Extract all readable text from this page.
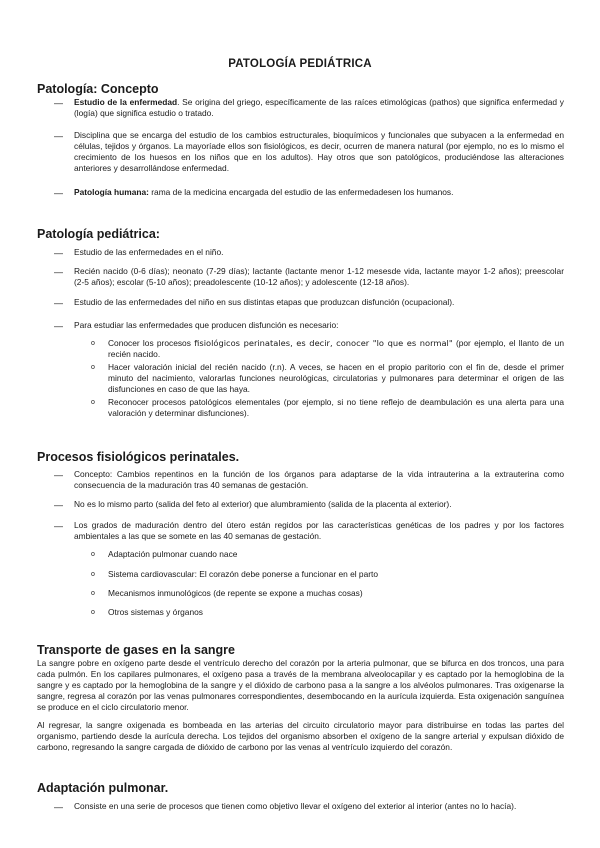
PATOLOGÍA PEDIÁTRICA
Patología: Concepto
—	Estudio de la enfermedad. Se origina del griego, específicamente de las raíces etimológicas (pathos) que significa enfermedad y (logía) que significa estudio o tratado.
—	Disciplina que se encarga del estudio de los cambios estructurales, bioquímicos y funcionales que subyacen a la enfermedad en células, tejidos y órganos. La mayoríade ellos son fisiológicos, es decir, ocurren de manera natural (por ejemplo, no es lo mismo el crecimiento de los huesos en los niños que en los adultos). Hay otros que son patológicos, produciéndose las alteraciones anteriores y desarrollándose enfermedad.
—	Patología humana: rama de la medicina encargada del estudio de las enfermedadesen los humanos.
Patología pediátrica:
—	Estudio de las enfermedades en el niño.
—	Recién nacido (0-6 días); neonato (7-29 días); lactante (lactante menor 1-12 mesesde vida, lactante mayor 1-2 años); preescolar (2-5 años); escolar (5-10 años); preadolescente (10-12 años); y adolescente (12-18 años).
—	Estudio de las enfermedades del niño en sus distintas etapas que produzcan disfunción (ocupacional).
—	Para estudiar las enfermedades que producen disfunción es necesario:
o Conocer los procesos fisiológicos perinatales, es decir, conocer "lo que es normal" (por ejemplo, el llanto de un recién nacido.
o Hacer valoración inicial del recién nacido (r.n). A veces, se hacen en el propio paritorio con el fin de, desde el primer minuto del nacimiento, valorarlas funciones neurológicas, circulatorias y pulmonares para determinar el origen de las disfunciones en caso de que las haya.
o Reconocer procesos patológicos elementales (por ejemplo, si no tiene reflejo de deambulación es una alerta para una valoración y determinar disfunciones).
Procesos fisiológicos perinatales.
—	Concepto: Cambios repentinos en la función de los órganos para adaptarse de la vida intrauterina a la extrauterina como consecuencia de la maduración tras 40 semanas de gestación.
—	No es lo mismo parto (salida del feto al exterior) que alumbramiento (salida de la placenta al exterior).
—	Los grados de maduración dentro del útero están regidos por las características genéticas de los padres y por los factores ambientales a las que se somete en las 40 semanas de gestación.
o Adaptación pulmonar cuando nace
o Sistema cardiovascular: El corazón debe ponerse a funcionar en el parto
o Mecanismos inmunológicos (de repente se expone a muchas cosas)
o Otros sistemas y órganos
Transporte de gases en la sangre

La sangre pobre en oxígeno parte desde el ventrículo derecho del corazón por la arteria pulmonar, que se bifurca en dos troncos, una para cada pulmón. En los capilares pulmonares, el oxígeno pasa a través de la membrana alveolocapilar y es captado por la hemoglobina de la sangre y es captado por la hemoglobina de la sangre y el dióxido de carbono pasa a la sangre a los alvéolos pulmonares. Tras oxigenarse la sangre, regresa al corazón por las venas pulmonares correspondientes, desembocando en la aurícula izquierda. Esta oxigenación sanguínea se produce en el ciclo circulatorio menor.

Al regresar, la sangre oxigenada es bombeada en las arterias del circuito circulatorio mayor para distribuirse en todas las partes del organismo, partiendo desde la aurícula derecha. Los tejidos del organismo absorben el oxígeno de la sangre arterial y expulsan dióxido de carbono, regresando la sangre cargada de dióxido de carbono por las venas al ventrículo izquierdo del corazón.

Adaptación pulmonar.
—	Consiste en una serie de procesos que tienen como objetivo llevar el oxígeno del exterior al interior (antes no lo hacía).
